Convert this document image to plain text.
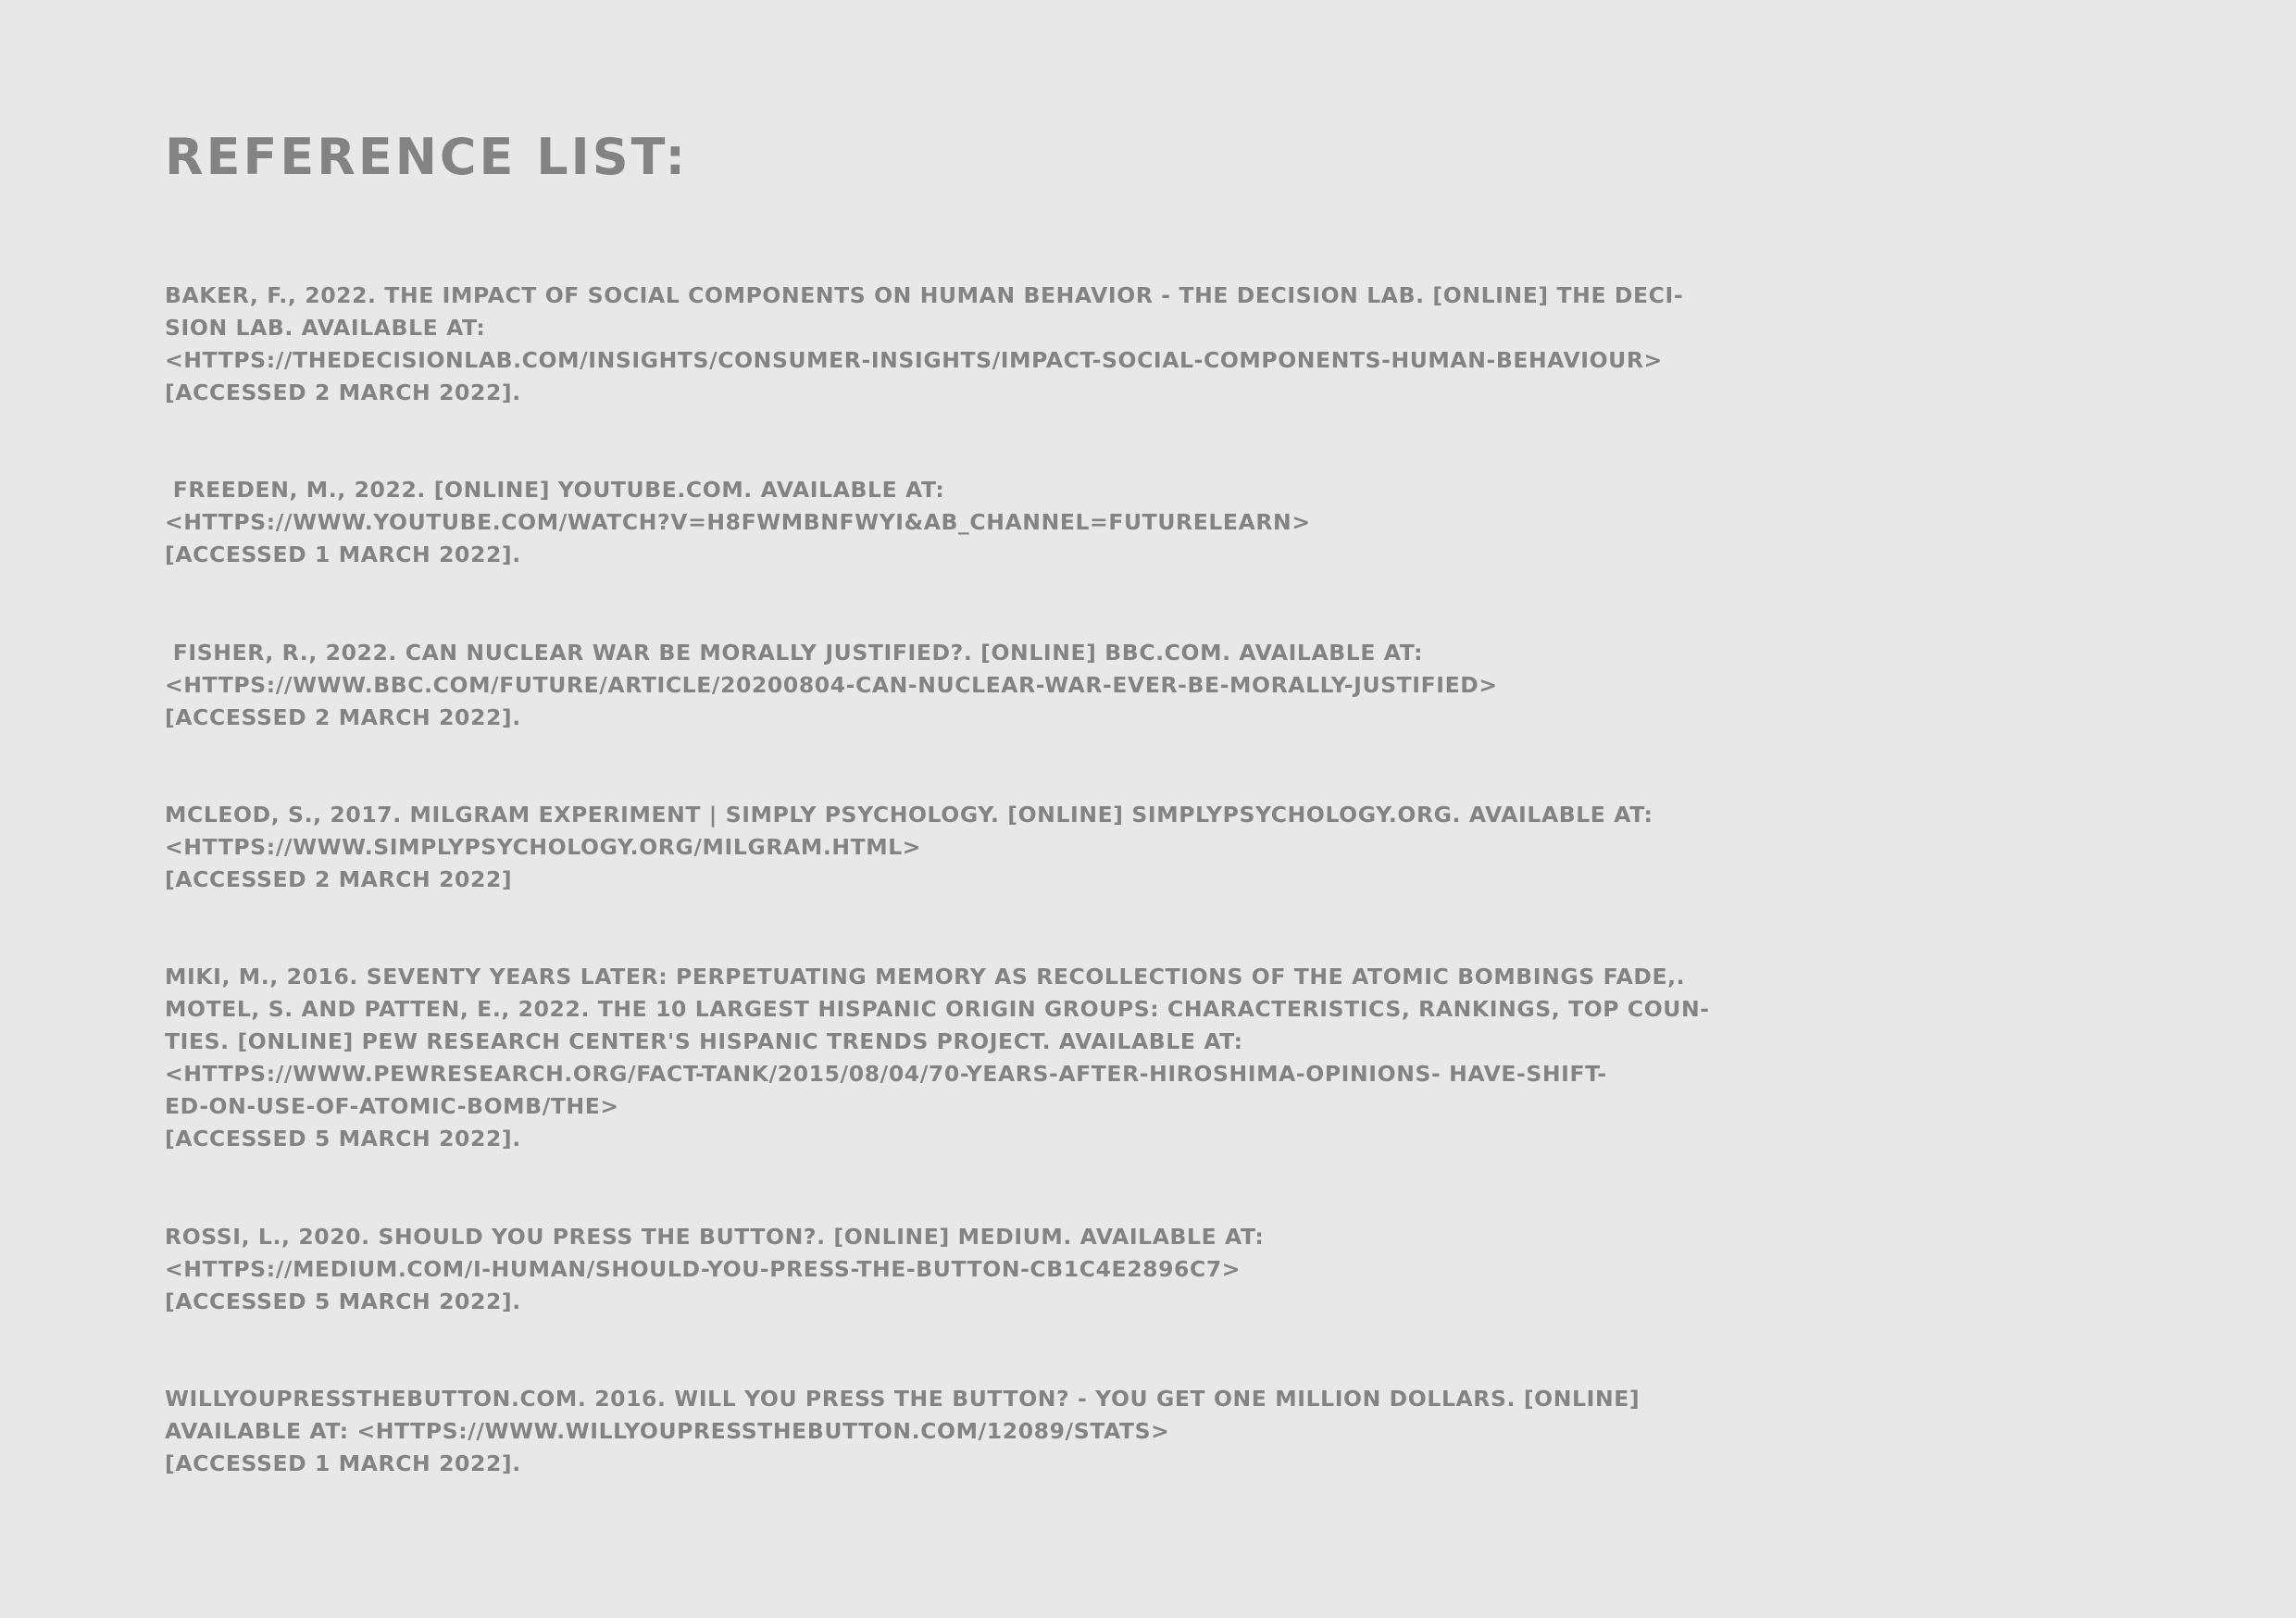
REFERENCE LIST:
BAKER, F., 2022. THE IMPACT OF SOCIAL COMPONENTS ON HUMAN BEHAVIOR - THE DECISION LAB. [ONLINE] THE DECI-
SION LAB. AVAILABLE AT:
<HTTPS://THEDECISIONLAB.COM/INSIGHTS/CONSUMER-INSIGHTS/IMPACT-SOCIAL-COMPONENTS-HUMAN-BEHAVIOUR>
[ACCESSED 2 MARCH 2022].
FREEDEN, M., 2022. [ONLINE] YOUTUBE.COM. AVAILABLE AT:
<HTTPS://WWW.YOUTUBE.COM/WATCH?V=H8FWMBNFWYI&AB_CHANNEL=FUTURELEARN>
[ACCESSED 1 MARCH 2022].
FISHER, R., 2022. CAN NUCLEAR WAR BE MORALLY JUSTIFIED?. [ONLINE] BBC.COM. AVAILABLE AT:
<HTTPS://WWW.BBC.COM/FUTURE/ARTICLE/20200804-CAN-NUCLEAR-WAR-EVER-BE-MORALLY-JUSTIFIED>
[ACCESSED 2 MARCH 2022].
MCLEOD, S., 2017. MILGRAM EXPERIMENT | SIMPLY PSYCHOLOGY. [ONLINE] SIMPLYPSYCHOLOGY.ORG. AVAILABLE AT:
<HTTPS://WWW.SIMPLYPSYCHOLOGY.ORG/MILGRAM.HTML>
[ACCESSED 2 MARCH 2022]
MIKI, M., 2016. SEVENTY YEARS LATER: PERPETUATING MEMORY AS RECOLLECTIONS OF THE ATOMIC BOMBINGS FADE,.
MOTEL, S. AND PATTEN, E., 2022. THE 10 LARGEST HISPANIC ORIGIN GROUPS: CHARACTERISTICS, RANKINGS, TOP COUN-
TIES. [ONLINE] PEW RESEARCH CENTER'S HISPANIC TRENDS PROJECT. AVAILABLE AT:
<HTTPS://WWW.PEWRESEARCH.ORG/FACT-TANK/2015/08/04/70-YEARS-AFTER-HIROSHIMA-OPINIONS- HAVE-SHIFT-
ED-ON-USE-OF-ATOMIC-BOMB/THE>
[ACCESSED 5 MARCH 2022].
ROSSI, L., 2020. SHOULD YOU PRESS THE BUTTON?. [ONLINE] MEDIUM. AVAILABLE AT:
<HTTPS://MEDIUM.COM/I-HUMAN/SHOULD-YOU-PRESS-THE-BUTTON-CB1C4E2896C7>
[ACCESSED 5 MARCH 2022].
WILLYOUPRESSTHEBUTTON.COM. 2016. WILL YOU PRESS THE BUTTON? - YOU GET ONE MILLION DOLLARS. [ONLINE]
AVAILABLE AT: <HTTPS://WWW.WILLYOUPRESSTHEBUTTON.COM/12089/STATS>
[ACCESSED 1 MARCH 2022].
